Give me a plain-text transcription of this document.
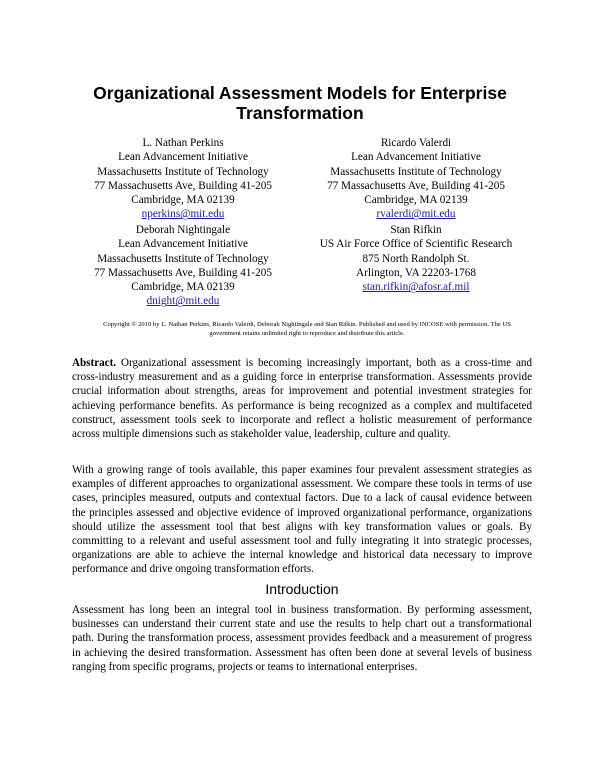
Organizational Assessment Models for Enterprise Transformation
L. Nathan Perkins
Lean Advancement Initiative
Massachusetts Institute of Technology
77 Massachusetts Ave, Building 41-205
Cambridge, MA 02139
nperkins@mit.edu
Ricardo Valerdi
Lean Advancement Initiative
Massachusetts Institute of Technology
77 Massachusetts Ave, Building 41-205
Cambridge, MA 02139
rvalerdi@mit.edu
Deborah Nightingale
Lean Advancement Initiative
Massachusetts Institute of Technology
77 Massachusetts Ave, Building 41-205
Cambridge, MA 02139
dnight@mit.edu
Stan Rifkin
US Air Force Office of Scientific Research
875 North Randolph St.
Arlington, VA 22203-1768
stan.rifkin@afosr.af.mil
Copyright © 2010 by L. Nathan Perkins, Ricardo Valerdi, Deborah Nightingale and Stan Rifkin. Published and used by INCOSE with permission. The US government retains unlimited right to reproduce and distribute this article.

Abstract. Organizational assessment is becoming increasingly important, both as a cross-time and cross-industry measurement and as a guiding force in enterprise transformation. Assessments provide crucial information about strengths, areas for improvement and potential investment strategies for achieving performance benefits. As performance is being recognized as a complex and multifaceted construct, assessment tools seek to incorporate and reflect a holistic measurement of performance across multiple dimensions such as stakeholder value, leadership, culture and quality.

With a growing range of tools available, this paper examines four prevalent assessment strategies as examples of different approaches to organizational assessment. We compare these tools in terms of use cases, principles measured, outputs and contextual factors. Due to a lack of causal evidence between the principles assessed and objective evidence of improved organizational performance, organizations should utilize the assessment tool that best aligns with key transformation values or goals. By committing to a relevant and useful assessment tool and fully integrating it into strategic processes, organizations are able to achieve the internal knowledge and historical data necessary to improve performance and drive ongoing transformation efforts.

Introduction

Assessment has long been an integral tool in business transformation. By performing assessment, businesses can understand their current state and use the results to help chart out a transformational path. During the transformation process, assessment provides feedback and a measurement of progress in achieving the desired transformation. Assessment has often been done at several levels of business ranging from specific programs, projects or teams to international enterprises.
